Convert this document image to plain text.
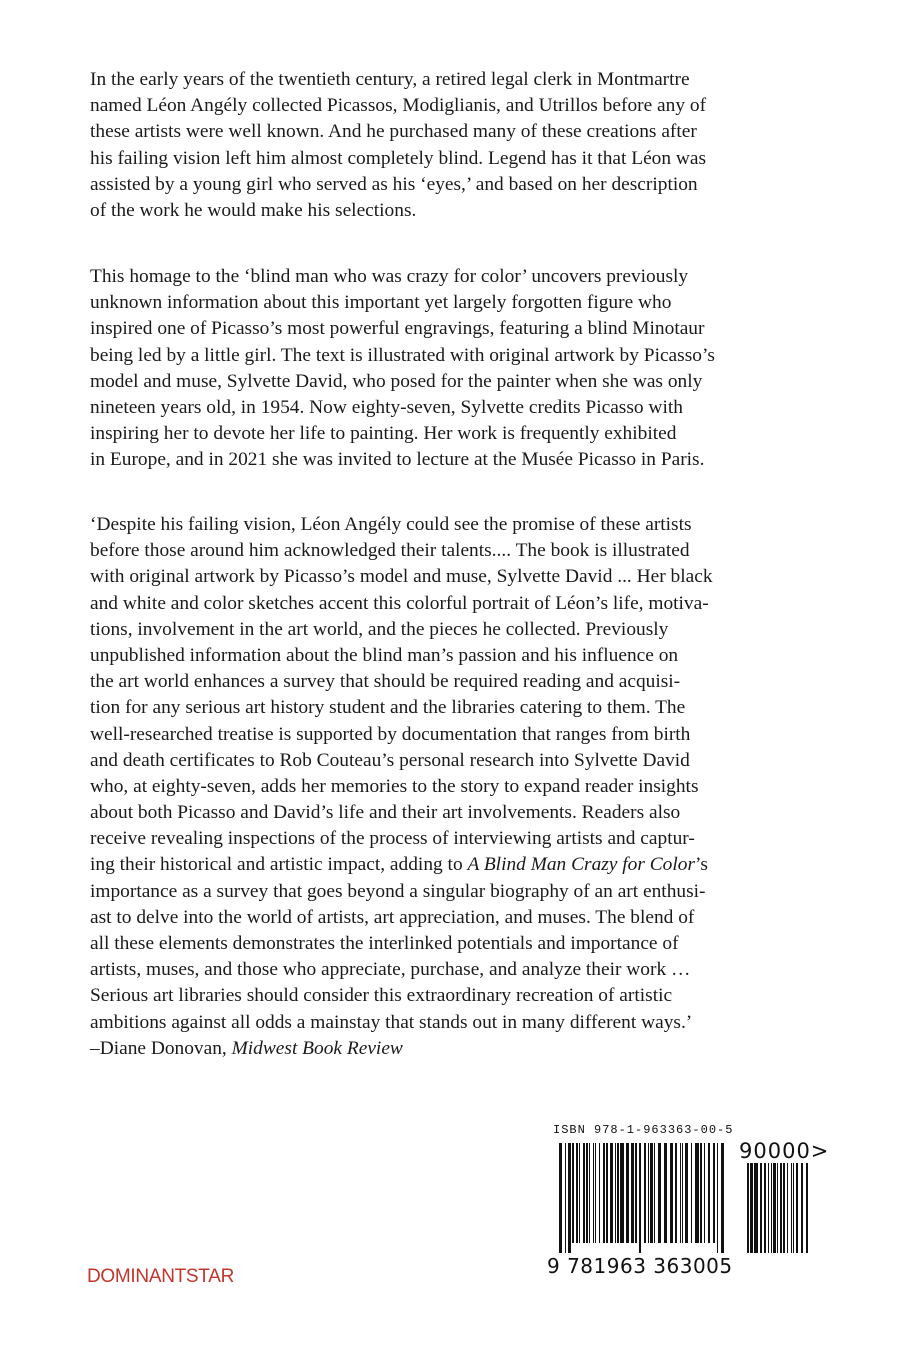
In the early years of the twentieth century, a retired legal clerk in Montmartre
named Léon Angély collected Picassos, Modiglianis, and Utrillos before any of
these artists were well known. And he purchased many of these creations after
his failing vision left him almost completely blind. Legend has it that Léon was
assisted by a young girl who served as his ‘eyes,’ and based on her description
of the work he would make his selections.
This homage to the ‘blind man who was crazy for color’ uncovers previously
unknown information about this important yet largely forgotten figure who
inspired one of Picasso’s most powerful engravings, featuring a blind Minotaur
being led by a little girl. The text is illustrated with original artwork by Picasso’s
model and muse, Sylvette David, who posed for the painter when she was only
nineteen years old, in 1954. Now eighty-seven, Sylvette credits Picasso with
inspiring her to devote her life to painting. Her work is frequently exhibited
in Europe, and in 2021 she was invited to lecture at the Musée Picasso in Paris.
‘Despite his failing vision, Léon Angély could see the promise of these artists
before those around him acknowledged their talents.... The book is illustrated
with original artwork by Picasso’s model and muse, Sylvette David ... Her black
and white and color sketches accent this colorful portrait of Léon’s life, motiva-
tions, involvement in the art world, and the pieces he collected. Previously
unpublished information about the blind man’s passion and his influence on
the art world enhances a survey that should be required reading and acquisi-
tion for any serious art history student and the libraries catering to them. The
well-researched treatise is supported by documentation that ranges from birth
and death certificates to Rob Couteau’s personal research into Sylvette David
who, at eighty-seven, adds her memories to the story to expand reader insights
about both Picasso and David’s life and their art involvements. Readers also
receive revealing inspections of the process of interviewing artists and captur-
ing their historical and artistic impact, adding to A Blind Man Crazy for Color’s
importance as a survey that goes beyond a singular biography of an art enthusi-
ast to delve into the world of artists, art appreciation, and muses. The blend of
all these elements demonstrates the interlinked potentials and importance of
artists, muses, and those who appreciate, purchase, and analyze their work …
Serious art libraries should consider this extraordinary recreation of artistic
ambitions against all odds a mainstay that stands out in many different ways.’
–Diane Donovan, Midwest Book Review
ISBN 978-1-963363-00-5
90000>
9 781963 363005
DOMINANTSTAR
